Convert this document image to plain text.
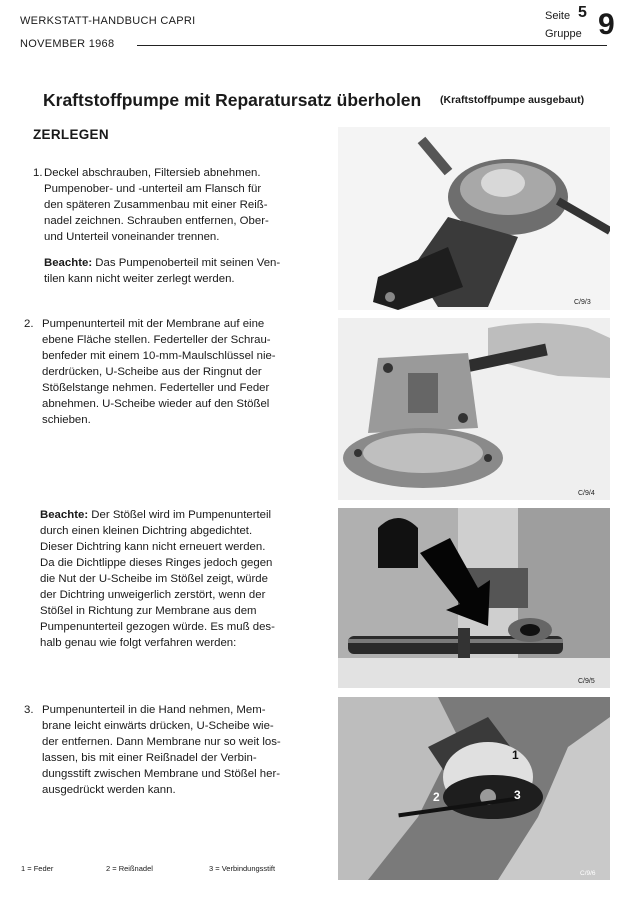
WERKSTATT-HANDBUCH CAPRI
NOVEMBER 1968
Seite 5
Gruppe 9
Kraftstoffpumpe mit Reparatursatz überholen (Kraftstoffpumpe ausgebaut)
ZERLEGEN
1. Deckel abschrauben, Filtersieb abnehmen.
Pumpenober- und -unterteil am Flansch für
den späteren Zusammenbau mit einer Reiß-
nadel zeichnen. Schrauben entfernen, Ober-
und Unterteil voneinander trennen.
Beachte: Das Pumpenoberteil mit seinen Ven-
tilen kann nicht weiter zerlegt werden.
2. Pumpenunterteil mit der Membrane auf eine
ebene Fläche stellen. Federteller der Schrau-
benfeder mit einem 10-mm-Maulschlüssel nie-
derdrücken, U-Scheibe aus der Ringnut der
Stößelstange nehmen. Federteller und Feder
abnehmen. U-Scheibe wieder auf den Stößel
schieben.
Beachte: Der Stößel wird im Pumpenunterteil
durch einen kleinen Dichtring abgedichtet.
Dieser Dichtring kann nicht erneuert werden.
Da die Dichtlippe dieses Ringes jedoch gegen
die Nut der U-Scheibe im Stößel zeigt, würde
der Dichtring unweigerlich zerstört, wenn der
Stößel in Richtung zur Membrane aus dem
Pumpenunterteil gezogen würde. Es muß des-
halb genau wie folgt verfahren werden:
3. Pumpenunterteil in die Hand nehmen, Mem-
brane leicht einwärts drücken, U-Scheibe wie-
der entfernen. Dann Membrane nur so weit los-
lassen, bis mit einer Reißnadel der Verbin-
dungsstift zwischen Membrane und Stößel her-
ausgedrückt werden kann.
1 = Feder	2 = Reißnadel	3 = Verbindungsstift
C/9/3
C/9/4
C/9/5
1
2	3
C/9/6
